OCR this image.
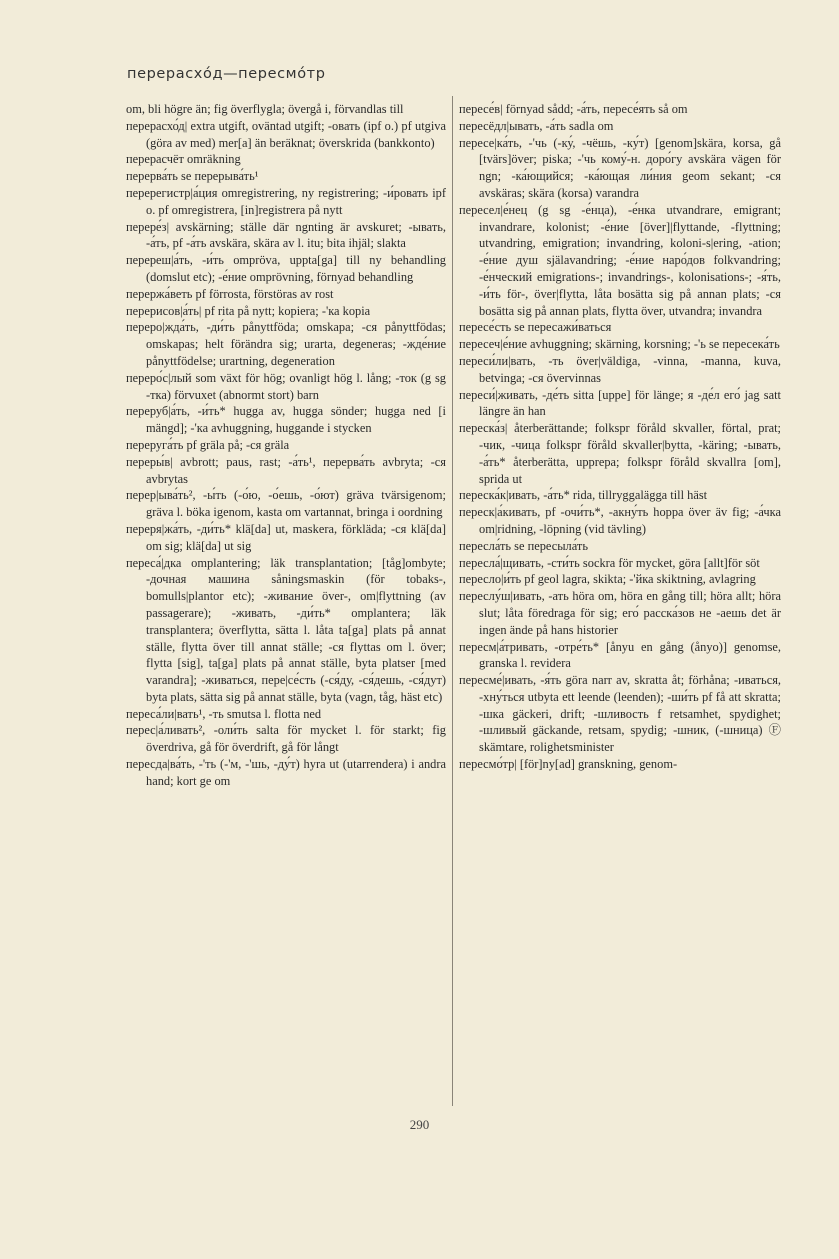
перерасхо́д—пересмо́тр

om, bli högre än; fig överflygla; övergå i, förvandlas till

перерасхо́д| extra utgift, oväntad utgift; -овать (ipf o.) pf utgiva (göra av med) mer[a] än beräknat; överskrida (bankkonto)

перерасчёт omräkning

перерва́ть se перерыва́ть¹

перерегистр|а́ция omregistrering, ny registrering; -и́ровать ipf o. pf omregistrera, [in]registrera på nytt

перере́з| avskärning; ställe där ngnting är avskuret; -ывать, -а́ть, pf -а́ть avskära, skära av l. itu; bita ihjäl; slakta

перереш|а́ть, -и́ть ompröva, uppta[ga] till ny behandling (domslut etc); -е́ние omprövning, förnyad behandling

перержа́веть pf förrosta, förstöras av rost

перерисов|а́ть| pf rita på nytt; kopiera; -'ка kopia

переро|жда́ть, -ди́ть pånyttföda; omskapa; -ся pånyttfödas; omskapas; helt förändra sig; urarta, degeneras; -жде́ние pånyttfödelse; urartning, degeneration

переро́с|лый som växt för hög; ovanligt hög l. lång; -ток (g sg -тка) förvuxet (abnormt stort) barn

переруб|а́ть, -и́ть* hugga av, hugga sönder; hugga ned [i mängd]; -'ка avhuggning, huggande i stycken

переруга́ть pf gräla på; -ся gräla

переры́в| avbrott; paus, rast; -а́ть¹, перерва́ть avbryta; -ся avbrytas

перер|ыва́ть², -ы́ть (-о́ю, -о́ешь, -о́ют) gräva tvärsigenom; gräva l. böka igenom, kasta om vartannat, bringa i oordning

переря|жа́ть, -ди́ть* klä[da] ut, maskera, förkläda; -ся klä[da] om sig; klä[da] ut sig

переса́|дка omplantering; läk transplantation; [tåg]ombyte; -дочная машина såningsmaskin (för tobaks-, bomulls|plantor etc); -живание över-, om|flyttning (av passagerare); -живать, -ди́ть* omplantera; läk transplantera; överflytta, sätta l. låta ta[ga] plats på annat ställe, flytta över till annat ställe; -ся flyttas om l. över; flytta [sig], ta[ga] plats på annat ställe, byta platser [med varandra]; -живаться, пере|се́сть (-ся́ду, -ся́дешь, -ся́дут) byta plats, sätta sig på annat ställe, byta (vagn, tåg, häst etc)

переса́ли|вать¹, -ть smutsa l. flotta ned

перес|а́ливать², -оли́ть salta för mycket l. för starkt; fig överdriva, gå för överdrift, gå för långt

пересда|ва́ть, -'ть (-'м, -'шь, -ду́т) hyra ut (utarrendera) i andra hand; kort ge om

пересе́в| förnyad sådd; -а́ть, пересе́ять så om

пересёдл|ывать, -а́ть sadla om

пересе|ка́ть, -'чь (-ку́, -чёшь, -ку́т) [genom]skära, korsa, gå [tvärs]över; piska; -'чь кому́-н. доро́гу avskära vägen för ngn; -ка́ющийся; -ка́ющая ли́ния geom sekant; -ся avskäras; skära (korsa) varandra

пересел|е́нец (g sg -е́нца), -е́нка utvandrare, emigrant; invandrare, kolonist; -е́ние [över]|flyttande, -flyttning; utvandring, emigration; invandring, koloni-s|ering, -ation; -е́ние душ själavandring; -е́ние наро́дов folkvandring; -е́нческий emigrations-; invandrings-, kolonisations-; -я́ть, -и́ть för-, över|flytta, låta bosätta sig på annan plats; -ся bosätta sig på annan plats, flytta över, utvandra; invandra

пересе́сть se пересажи́ваться

пересеч|е́ние avhuggning; skärning, korsning; -'ь se пересека́ть

переси́ли|вать, -ть över|väldiga, -vinna, -manna, kuva, betvinga; -ся övervinnas

переси́|живать, -де́ть sitta [uppe] för länge; я -де́л его́ jag satt längre än han

переска́з| återberättande; folkspr föråld skvaller, förtal, prat; -чик, -чица folkspr föråld skvaller|bytta, -käring; -ывать, -а́ть* återberätta, upprepa; folkspr föråld skvallra [om], sprida ut

переска́к|ивать, -а́ть* rida, tillryggalägga till häst

переск|а́кивать, pf -очи́ть*, -акну́ть hoppa över äv fig; -а́чка om|ridning, -löpning (vid tävling)

пересла́ть se пересыла́ть

пересла́|щивать, -сти́ть sockra för mycket, göra [allt]för söt

пересло|и́ть pf geol lagra, skikta; -'йка skiktning, avlagring

переслу́ш|ивать, -ать höra om, höra en gång till; höra allt; höra slut; låta föredraga för sig; его́ расска́зов не -аешь det är ingen ände på hans historier

пересм|а́тривать, -отре́ть* [ånyu en gång (ånyo)] genomse, granska l. revidera

пересме́|ивать, -я́ть göra narr av, skratta åt; förhåna; -иваться, -хну́ться utbyta ett leende (leenden); -ши́ть pf få att skratta; -шка gäckeri, drift; -шливость f retsamhet, spydighet; -шливый gäckande, retsam, spydig; -шник, (-шница) Ⓕ skämtare, rolighetsminister

пересмо́тр| [för]ny[ad] granskning, genom-

290
